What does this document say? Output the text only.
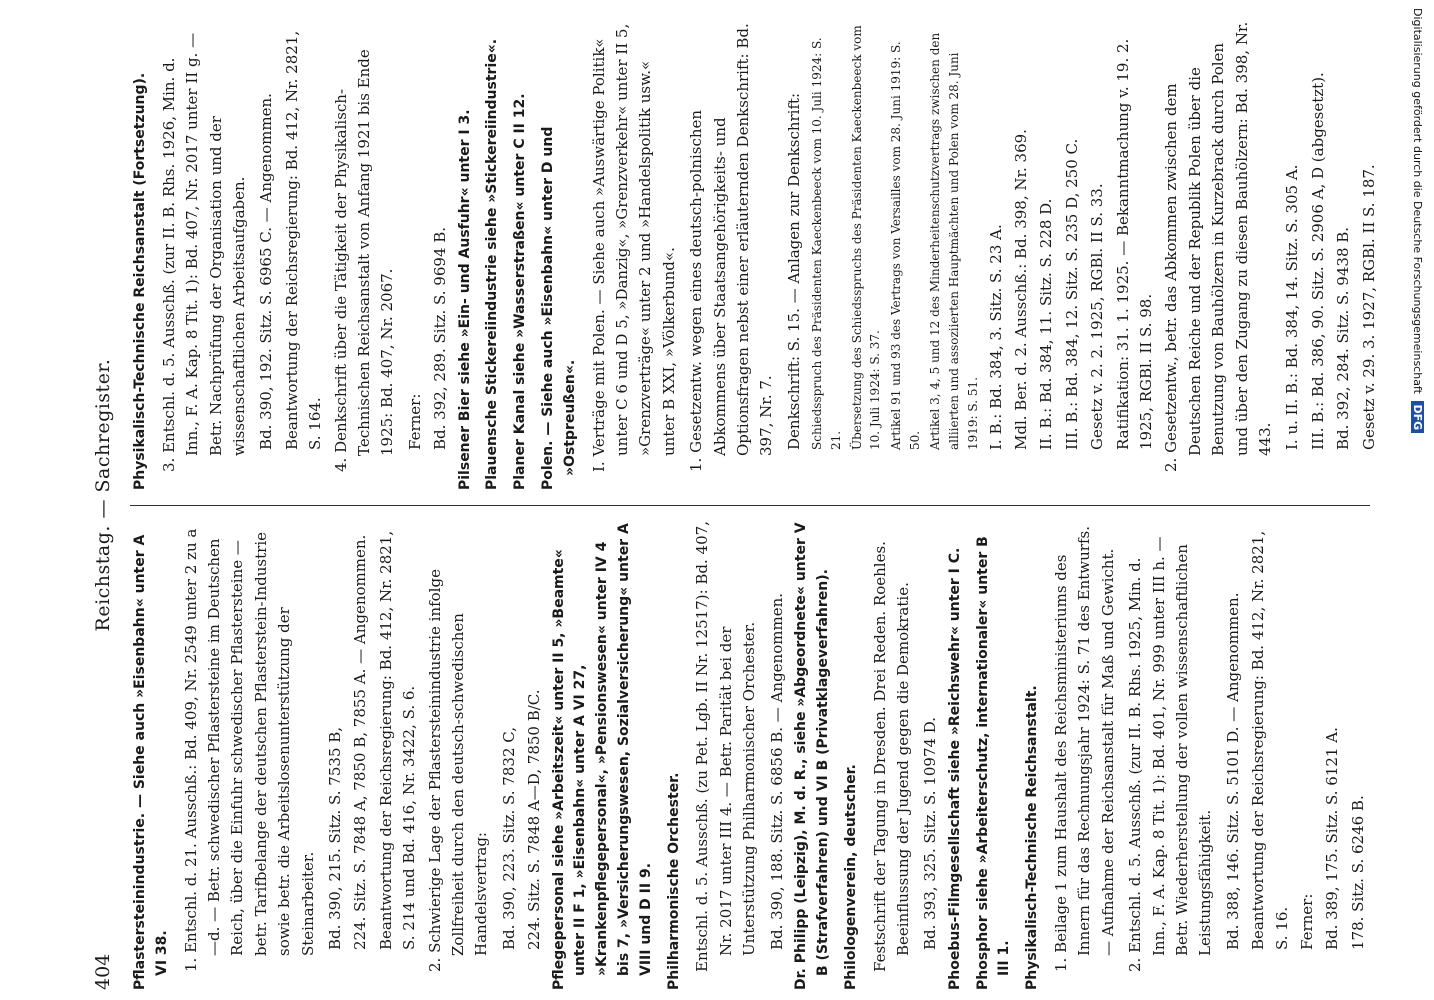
404
Reichstag. — Sachregister.
Pflastersteinindustrie. — Siehe auch »Eisenbahn« unter A VI 38. 1. Entschl. d. 21. Ausschß.: Bd. 409, Nr. 2549 unter 2 zu a—d. — Betr. schwedischer Pflastersteine im Deutschen Reich, über die Einfuhr schwedischer Pflastersteine — betr. Tarifbelange der deutschen Pflasterstein-Industrie sowie betr. die Arbeitslosenunterstützung der Steinarbeiter. Bd. 390, 215. Sitz. S. 7535 B, 224. Sitz. S. 7848 A, 7850 B, 7855 A. — Angenommen. Beantwortung der Reichsregierung: Bd. 412, Nr. 2821, S. 214 und Bd. 416, Nr. 3422, S. 6. 2. Schwierige Lage der Pflastersteinindustrie infolge Zollfreiheit durch den deutsch-schwedischen Handelsvertrag: Bd. 390, 223. Sitz. S. 7832 C, 224. Sitz. S. 7848 A—D, 7850 B/C. Pflegepersonal siehe »Arbeitszeit« unter II 5, »Beamte« unter II F 1, »Eisenbahn« unter A VI 27, »Krankenpflegepersonal«, »Pensionswesen« unter IV 4 bis 7, »Versicherungswesen, Sozialversicherung« unter A VIII und D II 9. Philharmonische Orchester. Entschl. d. 5. Ausschß. (zu Pet. Lgb. II Nr. 12517): Bd. 407, Nr. 2017 unter III 4. — Betr. Parität bei der Unterstützung Philharmonischer Orchester. Bd. 390, 188. Sitz. S. 6856 B. — Angenommen. Dr. Philipp (Leipzig), M. d. R., siehe »Abgeordnete« unter V B (Strafverfahren) und VI B (Privatklageverfahren). Philologenverein, deutscher. Festschrift der Tagung in Dresden. Drei Reden. Roehles. Beeinflussung der Jugend gegen die Demokratie. Bd. 393, 325. Sitz. S. 10974 D. Phoebus-Filmgesellschaft siehe »Reichswehr« unter I C. Phosphor siehe »Arbeiterschutz, internationaler« unter B III 1. Physikalisch-Technische Reichsanstalt. 1. Beilage 1 zum Haushalt des Reichsministeriums des Innern für das Rechnungsjahr 1924: S. 71 des Entwurfs. — Aufnahme der Reichsanstalt für Maß und Gewicht. 2. Entschl. d. 5. Ausschß. (zur II. B. Rhs. 1925, Min. d. Inn., F. A. Kap. 8 Tit. 1): Bd. 401, Nr. 999 unter III h. — Betr. Wiederherstellung der vollen wissenschaftlichen Leistungsfähigkeit. Bd. 388, 146. Sitz. S. 5101 D. — Angenommen. Beantwortung der Reichsregierung: Bd. 412, Nr. 2821, S. 16. Ferner: Bd. 389, 175. Sitz. S. 6121 A. 178. Sitz. S. 6246 B.
Physikalisch-Technische Reichsanstalt (Fortsetzung). 3. Entschl. d. 5. Ausschß. (zur II. B. Rhs. 1926, Min. d. Inn., F. A. Kap. 8 Tit. 1): Bd. 407, Nr. 2017 unter II g. — Betr. Nachprüfung der Organisation und der wissenschaftlichen Arbeitsaufgaben. Bd. 390, 192. Sitz. S. 6965 C. — Angenommen. Beantwortung der Reichsregierung: Bd. 412, Nr. 2821, S. 164. 4. Denkschrift über die Tätigkeit der Physikalisch-Technischen Reichsanstalt von Anfang 1921 bis Ende 1925: Bd. 407, Nr. 2067. Ferner: Bd. 392, 289. Sitz. S. 9694 B. Pilsener Bier siehe »Ein- und Ausfuhr« unter I 3. Plauensche Stickereiindustrie siehe »Stickereiindustrie«. Planer Kanal siehe »Wasserstraßen« unter C II 12. Polen. — Siehe auch »Eisenbahn« unter D und »Ostpreußen«. I. Verträge mit Polen. — Siehe auch »Auswärtige Politik« unter C 6 und D 5, »Danzig«, »Grenzverkehr« unter II 5, »Grenzverträge« unter 2 und »Handelspolitik usw.« unter B XXI, »Völkerbund«. 1. Gesetzentw. wegen eines deutsch-polnischen Abkommens über Staatsangehörigkeits- und Optionsfragen nebst einer erläuternden Denkschrift: Bd. 397, Nr. 7. Denkschrift: S. 15. — Anlagen zur Denkschrift: Schiedsspruch des Präsidenten Kaeckenbeeck vom 10. Juli 1924: S. 21. Übersetzung des Schiedsspruchs des Präsidenten Kaeckenbeeck vom 10. Juli 1924: S. 37. Artikel 91 und 93 des Vertrags von Versailles vom 28. Juni 1919: S. 50. Artikel 3, 4, 5 und 12 des Minderheitenschutzvertrags zwischen den alliierten und assoziierten Hauptmächten und Polen vom 28. Juni 1919: S. 51. I. B.: Bd. 384, 3. Sitz. S. 23 A. Mdl. Ber. d. 2. Ausschß.: Bd. 398, Nr. 369. II. B.: Bd. 384, 11. Sitz. S. 228 D. III. B.: Bd. 384, 12. Sitz. S. 235 D, 250 C. Gesetz v. 2. 2. 1925, RGBl. II S. 33. Ratifikation: 31. 1. 1925. — Bekanntmachung v. 19. 2. 1925, RGBl. II S. 98. 2. Gesetzentw., betr. das Abkommen zwischen dem Deutschen Reiche und der Republik Polen über die Benutzung von Bauhölzern in Kurzebrack durch Polen und über den Zugang zu diesen Bauhölzern: Bd. 398, Nr. 443. I. u. II. B.: Bd. 384, 14. Sitz. S. 305 A. III. B.: Bd. 386, 90. Sitz. S. 2906 A, D (abgesetzt). Bd. 392, 284. Sitz. S. 9438 B. Gesetz v. 29. 3. 1927, RGBl. II S. 187.	Digitalisierung gefördert durch die Deutsche Forschungsgemeinschaft DFG
